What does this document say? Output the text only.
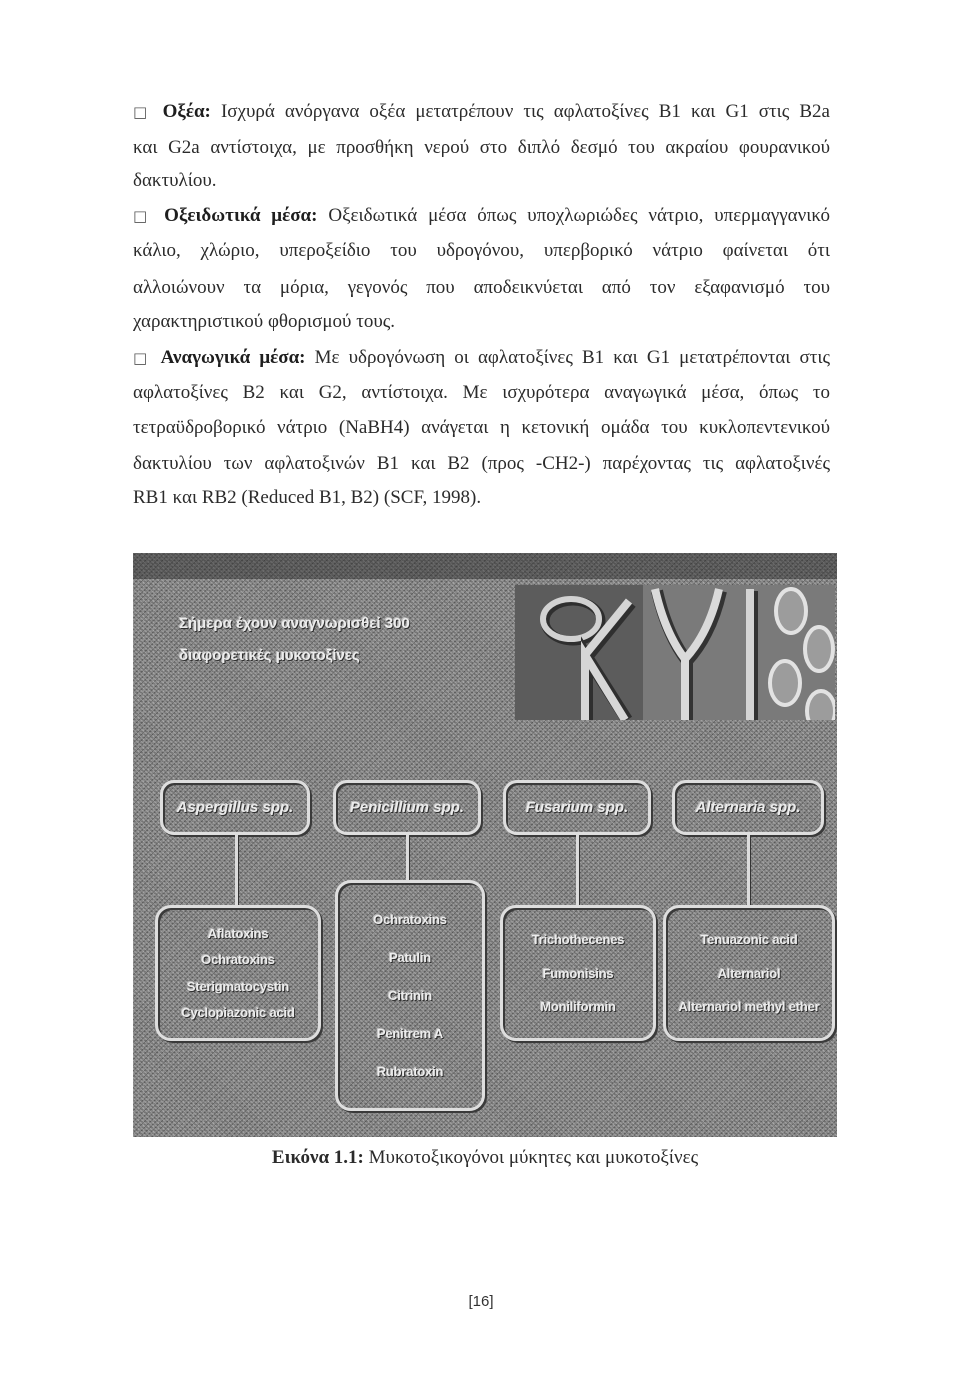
□ Οξέα: Ισχυρά ανόργανα οξέα μετατρέπουν τις αφλατοξίνες B1 και G1 στις B2a
και G2a αντίστοιχα, με προσθήκη νερού στο διπλό δεσμό του ακραίου φουρανικού
δακτυλίου.
□ Οξειδωτικά μέσα: Οξειδωτικά μέσα όπως υποχλωριώδες νάτριο, υπερμαγγανικό
κάλιο, χλώριο, υπεροξείδιο του υδρογόνου, υπερβορικό νάτριο φαίνεται ότι
αλλοιώνουν τα μόρια, γεγονός που αποδεικνύεται από τον εξαφανισμό του
χαρακτηριστικού φθορισμού τους.
□ Αναγωγικά μέσα: Με υδρογόνωση οι αφλατοξίνες B1 και G1 μετατρέπονται στις
αφλατοξίνες B2 και G2, αντίστοιχα. Με ισχυρότερα αναγωγικά μέσα, όπως το
τετραϋδροβορικό νάτριο (NaBH4) ανάγεται η κετονική ομάδα του κυκλοπεντενικού
δακτυλίου των αφλατοξινών B1 και B2 (προς -CH2-) παρέχοντας τις αφλατοξινές
RB1 και RB2 (Reduced B1, B2) (SCF, 1998).
Σήμερα έχουν αναγνωρισθεί 300
διαφορετικές μυκοτοξίνες
Aspergillus spp.	Penicillium spp.	Fusarium spp.	Alternaria spp.
Aflatoxins
Ochratoxins
Sterigmatocystin
Cyclopiazonic acid
Ochratoxins
Patulin
Citrinin
Penitrem A
Rubratoxin
Trichothecenes
Fumonisins
Moniliformin
Tenuazonic acid
Alternariol
Alternariol methyl ether
Εικόνα 1.1: Μυκοτοξικογόνοι μύκητες και μυκοτοξίνες
[16]
